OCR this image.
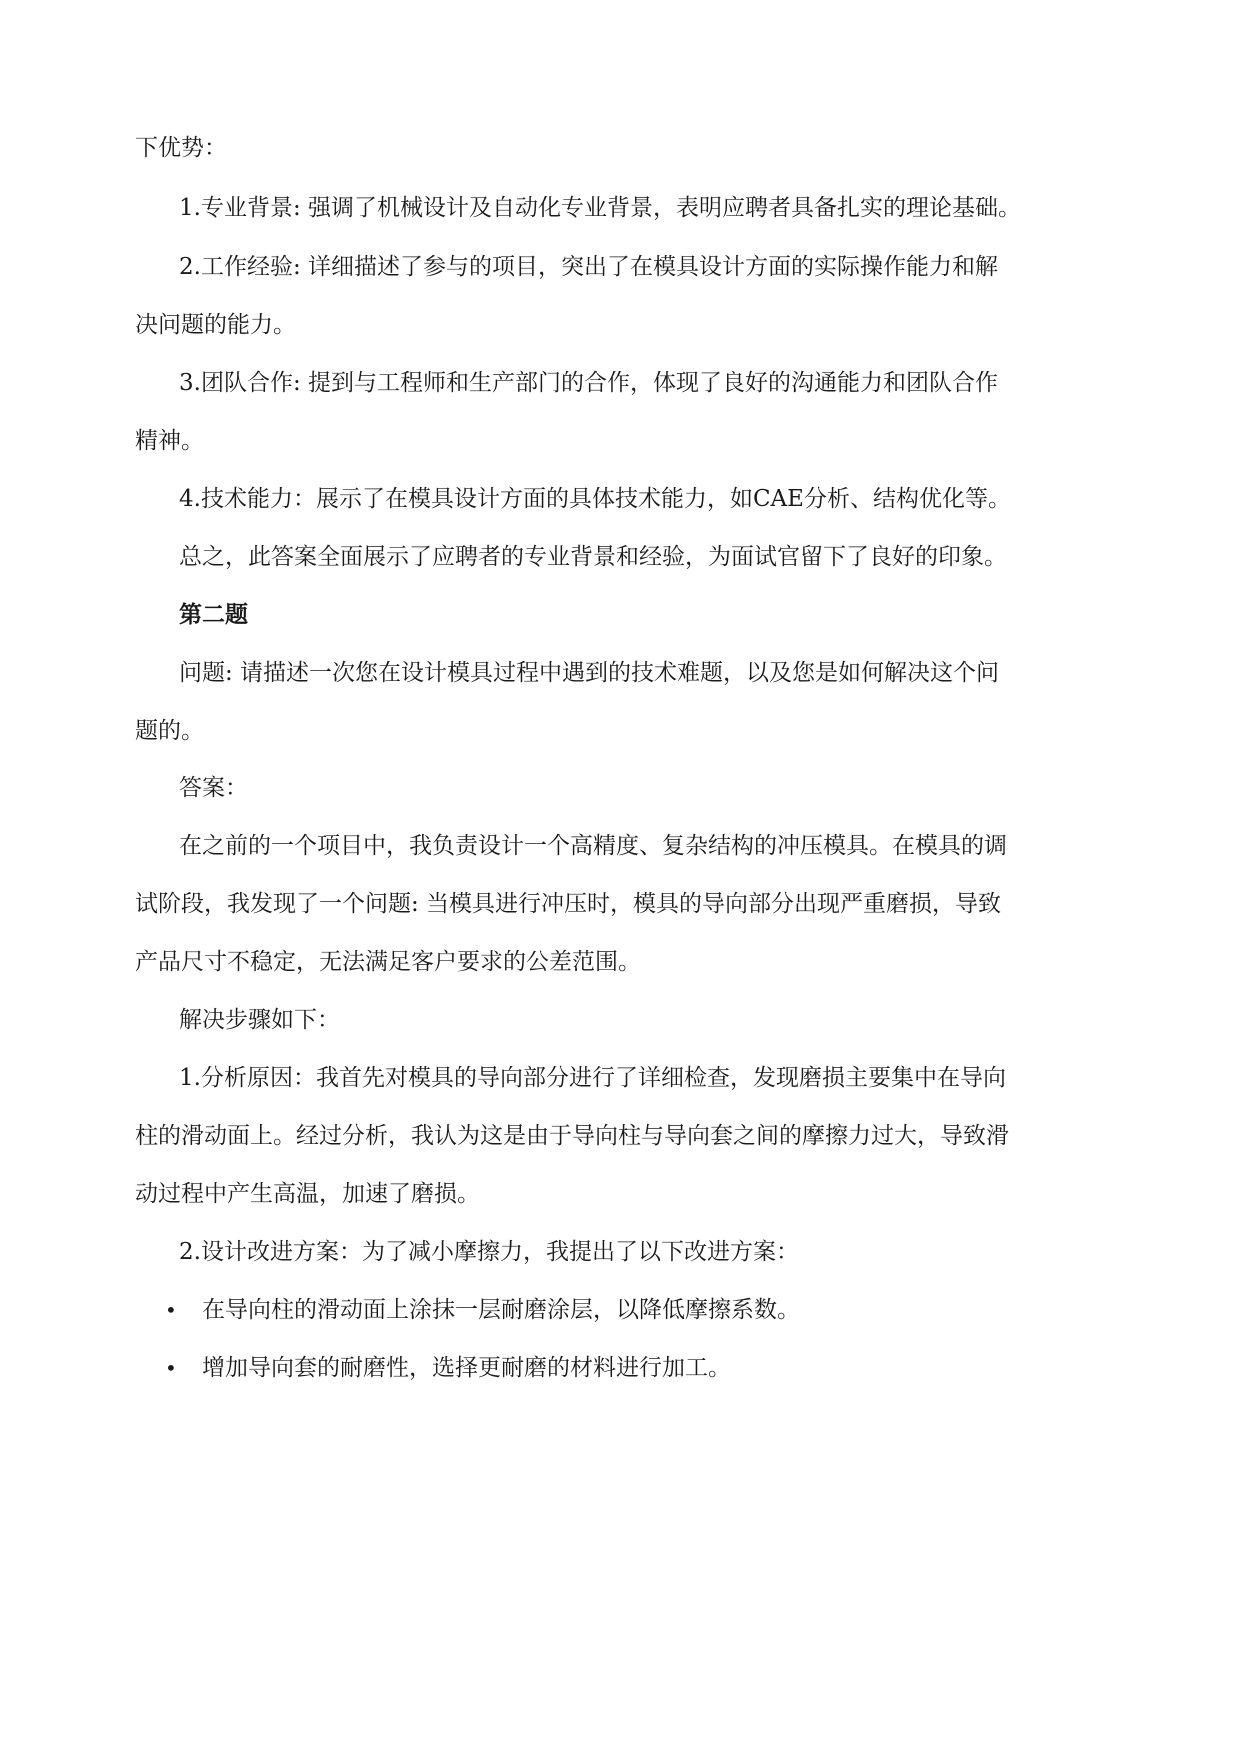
下优势：
1.专业背景: 强调了机械设计及自动化专业背景，表明应聘者具备扎实的理论基础。
2.工作经验: 详细描述了参与的项目，突出了在模具设计方面的实际操作能力和解
决问题的能力。
3.团队合作: 提到与工程师和生产部门的合作，体现了良好的沟通能力和团队合作
精神。
4.技术能力：展示了在模具设计方面的具体技术能力，如CAE分析、结构优化等。
总之，此答案全面展示了应聘者的专业背景和经验，为面试官留下了良好的印象。
第二题
问题: 请描述一次您在设计模具过程中遇到的技术难题，以及您是如何解决这个问
题的。
答案：
在之前的一个项目中，我负责设计一个高精度、复杂结构的冲压模具。在模具的调
试阶段，我发现了一个问题: 当模具进行冲压时，模具的导向部分出现严重磨损，导致
产品尺寸不稳定，无法满足客户要求的公差范围。
解决步骤如下：
1.分析原因：我首先对模具的导向部分进行了详细检查，发现磨损主要集中在导向
柱的滑动面上。经过分析，我认为这是由于导向柱与导向套之间的摩擦力过大，导致滑
动过程中产生高温，加速了磨损。
2.设计改进方案：为了减小摩擦力，我提出了以下改进方案：
• 在导向柱的滑动面上涂抹一层耐磨涂层，以降低摩擦系数。
• 增加导向套的耐磨性，选择更耐磨的材料进行加工。
